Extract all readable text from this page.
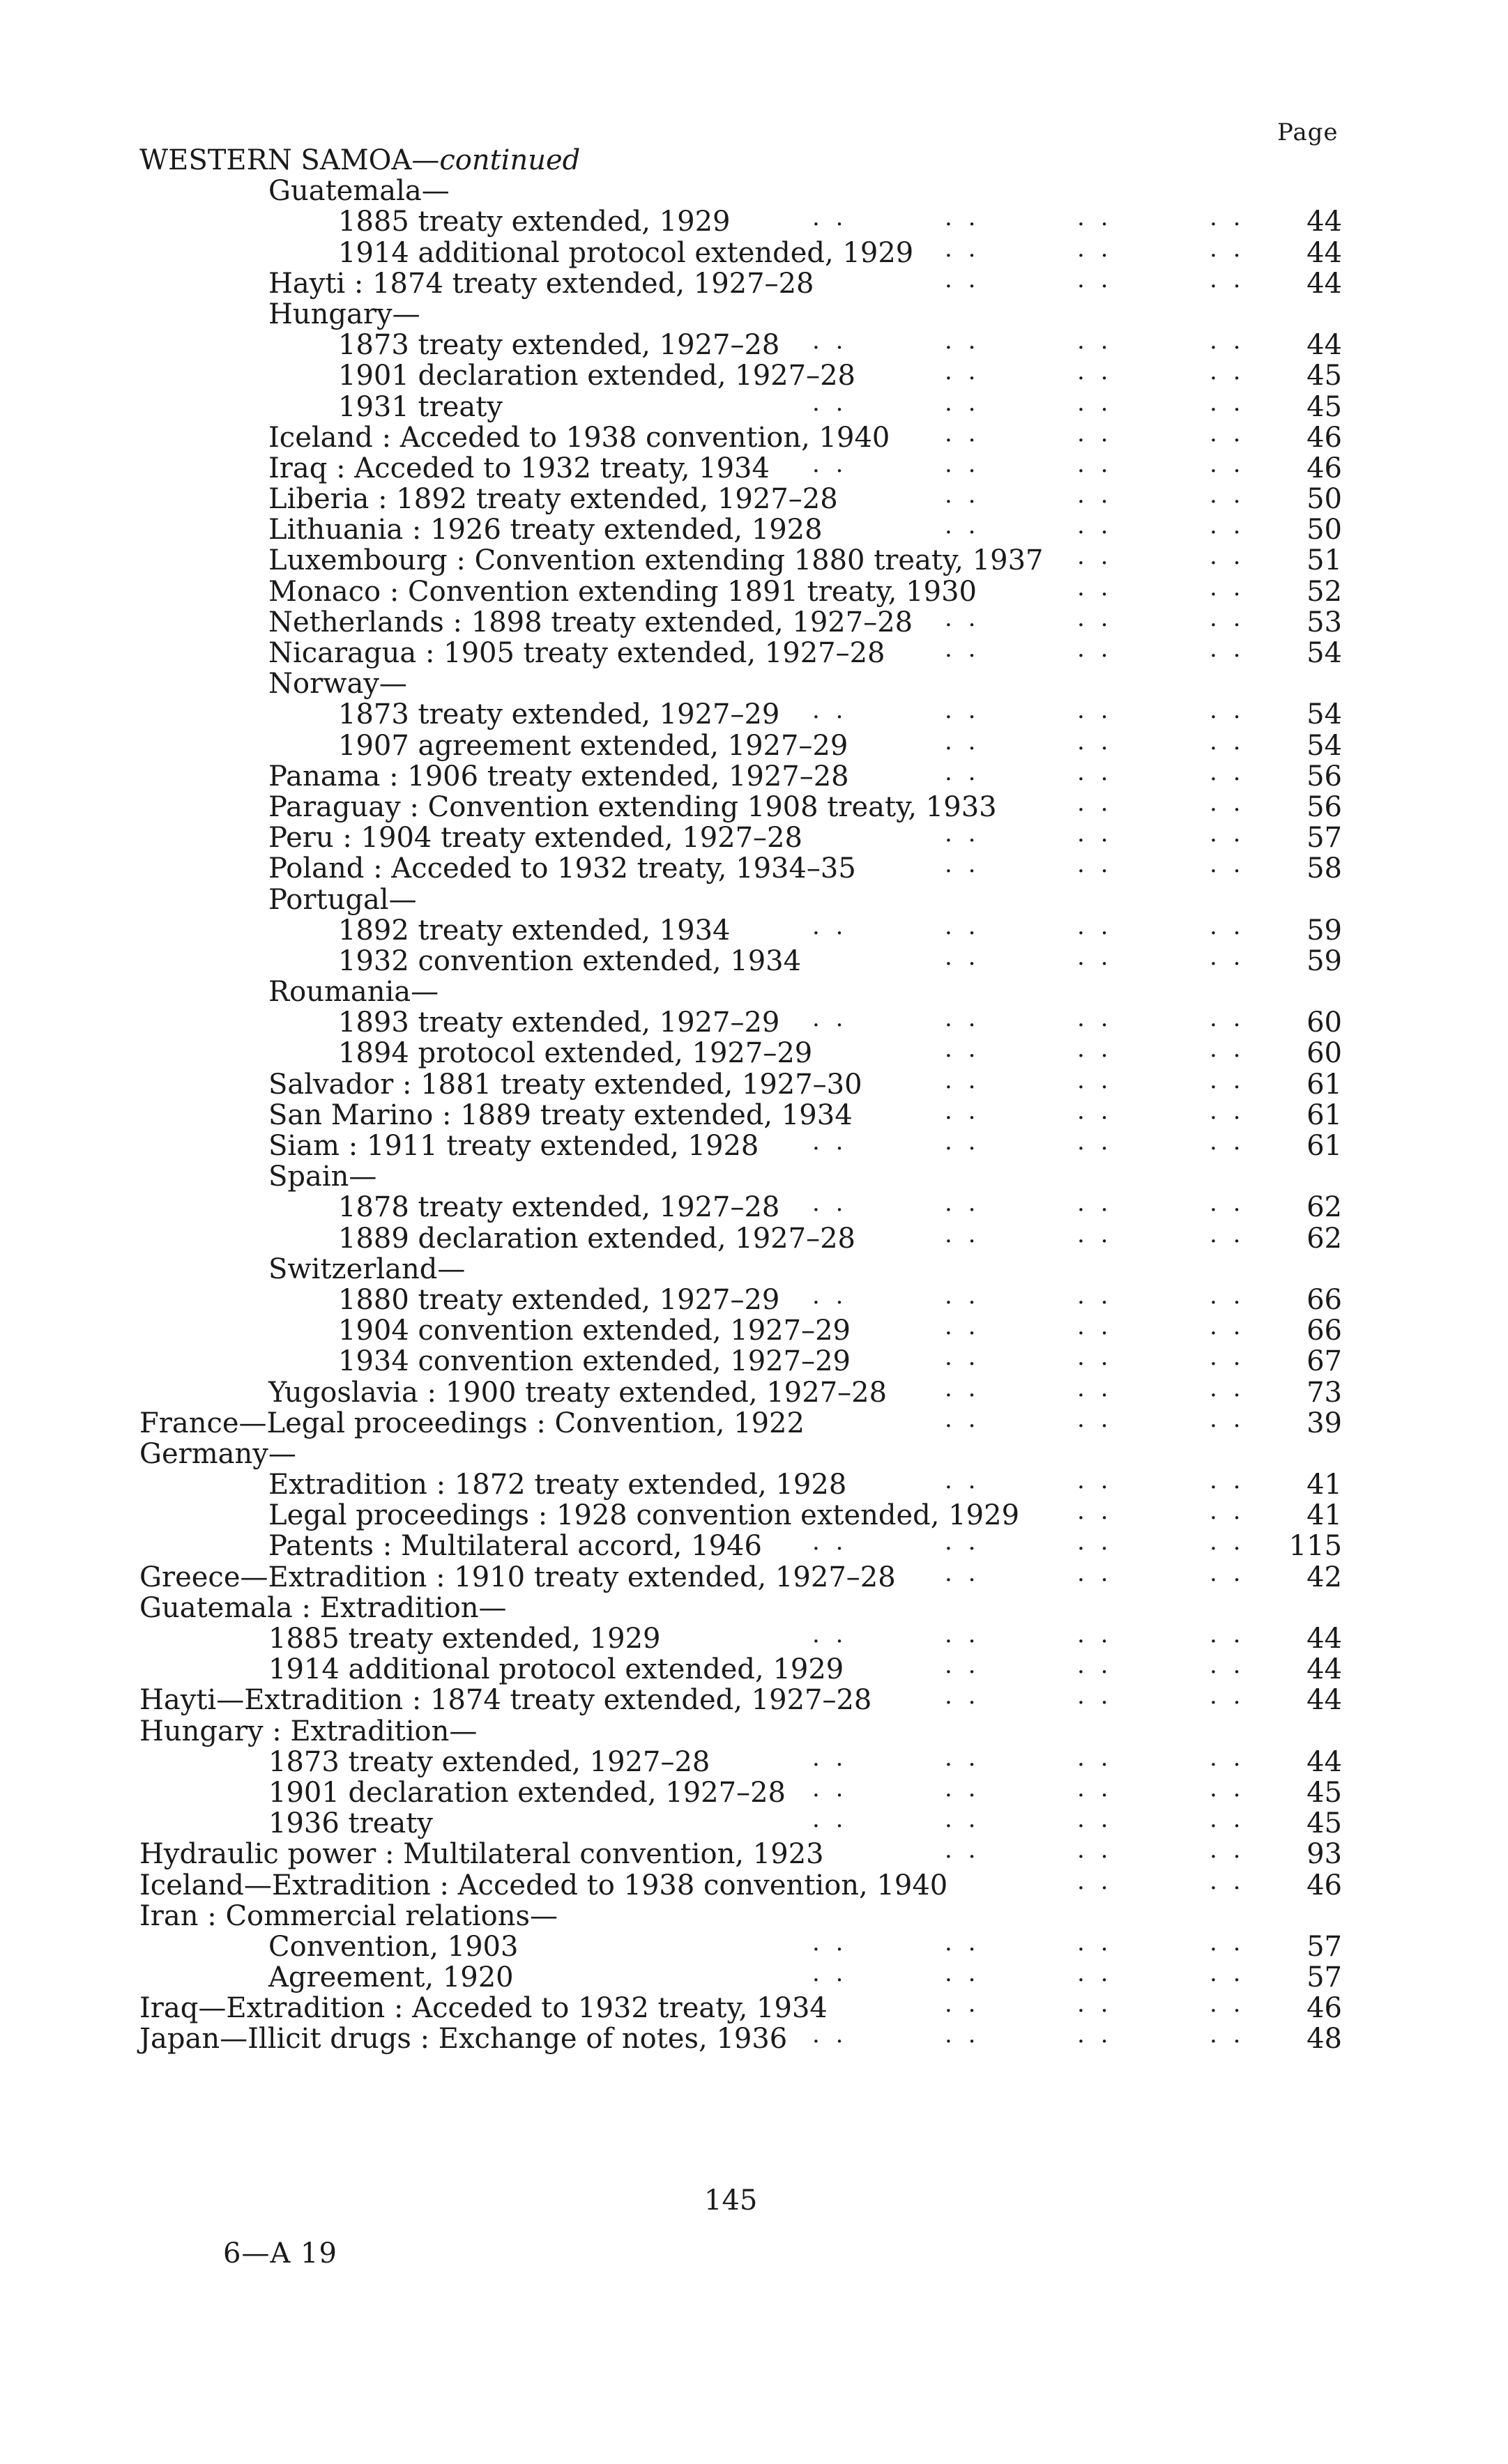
Page
WESTERN SAMOA—continued
Guatemala—
1885 treaty extended, 1929	. .	. .	. .	. . 44
1914 additional protocol extended, 1929 . .	. .	. . 44
Hayti : 1874 treaty extended, 1927–28	. .	. .	. . 44
Hungary—
1873 treaty extended, 1927–28 . .	. .	. .	. . 44
1901 declaration extended, 1927–28	. .	. .	. . 45
1931 treaty	. .	. .	. .	. . 45
Iceland : Acceded to 1938 convention, 1940 . .	. .	. . 46
Iraq : Acceded to 1932 treaty, 1934 . .	. .	. .	. . 46
Liberia : 1892 treaty extended, 1927–28	. .	. .	. . 50
Lithuania : 1926 treaty extended, 1928	. .	. .	. . 50
Luxembourg : Convention extending 1880 treaty, 1937 . .	. . 51
Monaco : Convention extending 1891 treaty, 1930	. .	. . 52
Netherlands : 1898 treaty extended, 1927–28 . .	. .	. . 53
Nicaragua : 1905 treaty extended, 1927–28	. .	. .	. . 54
Norway—
1873 treaty extended, 1927–29 . .	. .	. .	. . 54
1907 agreement extended, 1927–29	. .	. .	. . 54
Panama : 1906 treaty extended, 1927–28	. .	. .	. . 56
Paraguay : Convention extending 1908 treaty, 1933	. .	. . 56
Peru : 1904 treaty extended, 1927–28	. .	. .	. . 57
Poland : Acceded to 1932 treaty, 1934–35	. .	. .	. . 58
Portugal—
1892 treaty extended, 1934	. .	. .	. .	. . 59
1932 convention extended, 1934	. .	. .	. . 59
Roumania—
1893 treaty extended, 1927–29 . .	. .	. .	. . 60
1894 protocol extended, 1927–29	. .	. .	. . 60
Salvador : 1881 treaty extended, 1927–30	. .	. .	. . 61
San Marino : 1889 treaty extended, 1934	. .	. .	. . 61
Siam : 1911 treaty extended, 1928 . .	. .	. .	. . 61
Spain—
1878 treaty extended, 1927–28 . .	. .	. .	. . 62
1889 declaration extended, 1927–28	. .	. .	. . 62
Switzerland—
1880 treaty extended, 1927–29 . .	. .	. .	. . 66
1904 convention extended, 1927–29	. .	. .	. . 66
1934 convention extended, 1927–29	. .	. .	. . 67
Yugoslavia : 1900 treaty extended, 1927–28 . .	. .	. . 73
France—Legal proceedings : Convention, 1922	. .	. .	. . 39
Germany—
Extradition : 1872 treaty extended, 1928	. .	. .	. . 41
Legal proceedings : 1928 convention extended, 1929 . .	. . 41
Patents : Multilateral accord, 1946 . .	. .	. .	. . 115
Greece—Extradition : 1910 treaty extended, 1927–28 . .	. .	. . 42
Guatemala : Extradition—
1885 treaty extended, 1929	. .	. .	. .	. . 44
1914 additional protocol extended, 1929	. .	. .	. . 44
Hayti—Extradition : 1874 treaty extended, 1927–28	. .	. .	. . 44
Hungary : Extradition—
1873 treaty extended, 1927–28	. .	. .	. .	. . 44
1901 declaration extended, 1927–28 . .	. .	. .	. . 45
1936 treaty	. .	. .	. .	. . 45
Hydraulic power : Multilateral convention, 1923	. .	. .	. . 93
Iceland—Extradition : Acceded to 1938 convention, 1940	. .	. . 46
Iran : Commercial relations—
Convention, 1903	. .	. .	. .	. . 57
Agreement, 1920	. .	. .	. .	. . 57
Iraq—Extradition : Acceded to 1932 treaty, 1934	. .	. .	. . 46
Japan—Illicit drugs : Exchange of notes, 1936 . .	. .	. .	. . 48
145
6—A 19
